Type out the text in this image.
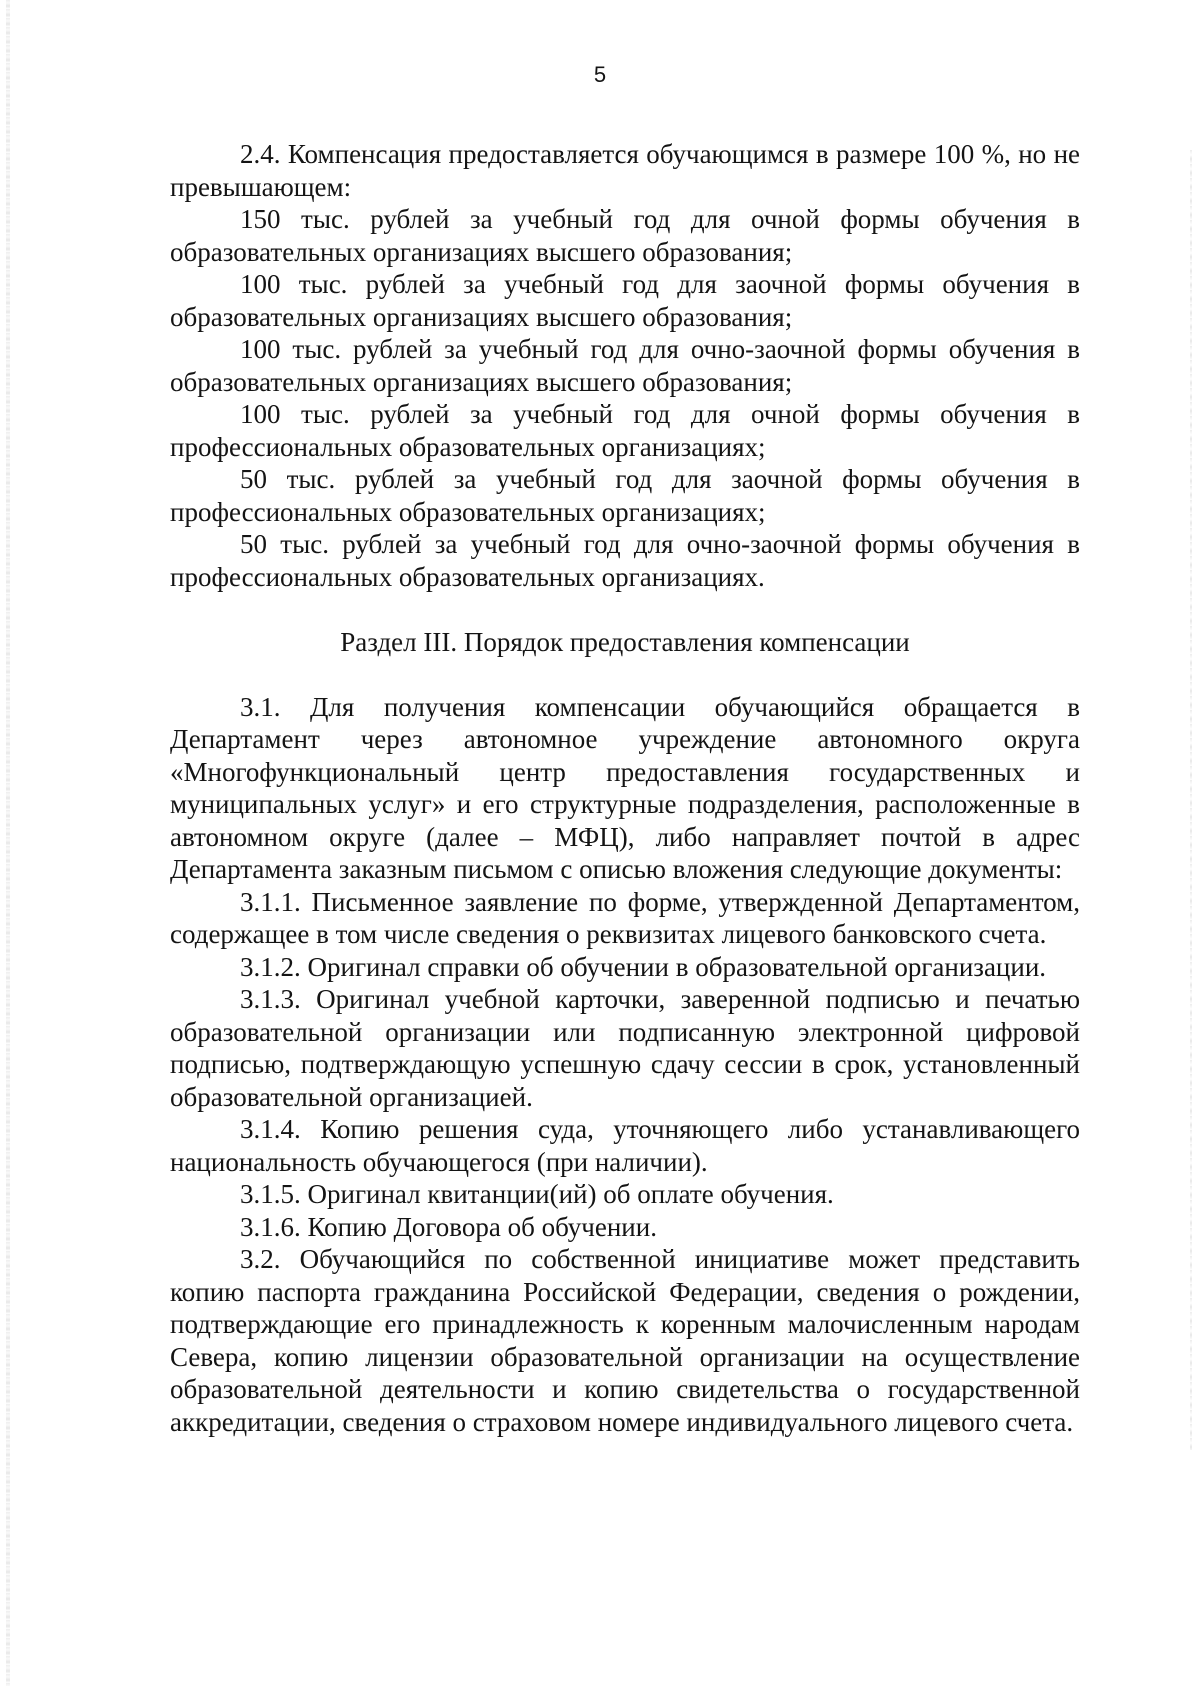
5

2.4. Компенсация предоставляется обучающимся в размере 100 %, но не превышающем:

150 тыс. рублей за учебный год для очной формы обучения в образовательных организациях высшего образования;

100 тыс. рублей за учебный год для заочной формы обучения в образовательных организациях высшего образования;

100 тыс. рублей за учебный год для очно-заочной формы обучения в образовательных организациях высшего образования;

100 тыс. рублей за учебный год для очной формы обучения в профессиональных образовательных организациях;

50 тыс. рублей за учебный год для заочной формы обучения в профессиональных образовательных организациях;

50 тыс. рублей за учебный год для очно-заочной формы обучения в профессиональных образовательных организациях.

Раздел III. Порядок предоставления компенсации

3.1. Для получения компенсации обучающийся обращается в Департамент через автономное учреждение автономного округа «Многофункциональный центр предоставления государственных и муниципальных услуг» и его структурные подразделения, расположенные в автономном округе (далее – МФЦ), либо направляет почтой в адрес Департамента заказным письмом с описью вложения следующие документы:

3.1.1. Письменное заявление по форме, утвержденной Департаментом, содержащее в том числе сведения о реквизитах лицевого банковского счета.

3.1.2. Оригинал справки об обучении в образовательной организации.

3.1.3. Оригинал учебной карточки, заверенной подписью и печатью образовательной организации или подписанную электронной цифровой подписью, подтверждающую успешную сдачу сессии в срок, установленный образовательной организацией.

3.1.4. Копию решения суда, уточняющего либо устанавливающего национальность обучающегося (при наличии).

3.1.5. Оригинал квитанции(ий) об оплате обучения.

3.1.6. Копию Договора об обучении.

3.2. Обучающийся по собственной инициативе может представить копию паспорта гражданина Российской Федерации, сведения о рождении, подтверждающие его принадлежность к коренным малочисленным народам Севера, копию лицензии образовательной организации на осуществление образовательной деятельности и копию свидетельства о государственной аккредитации, сведения о страховом номере индивидуального лицевого счета.
